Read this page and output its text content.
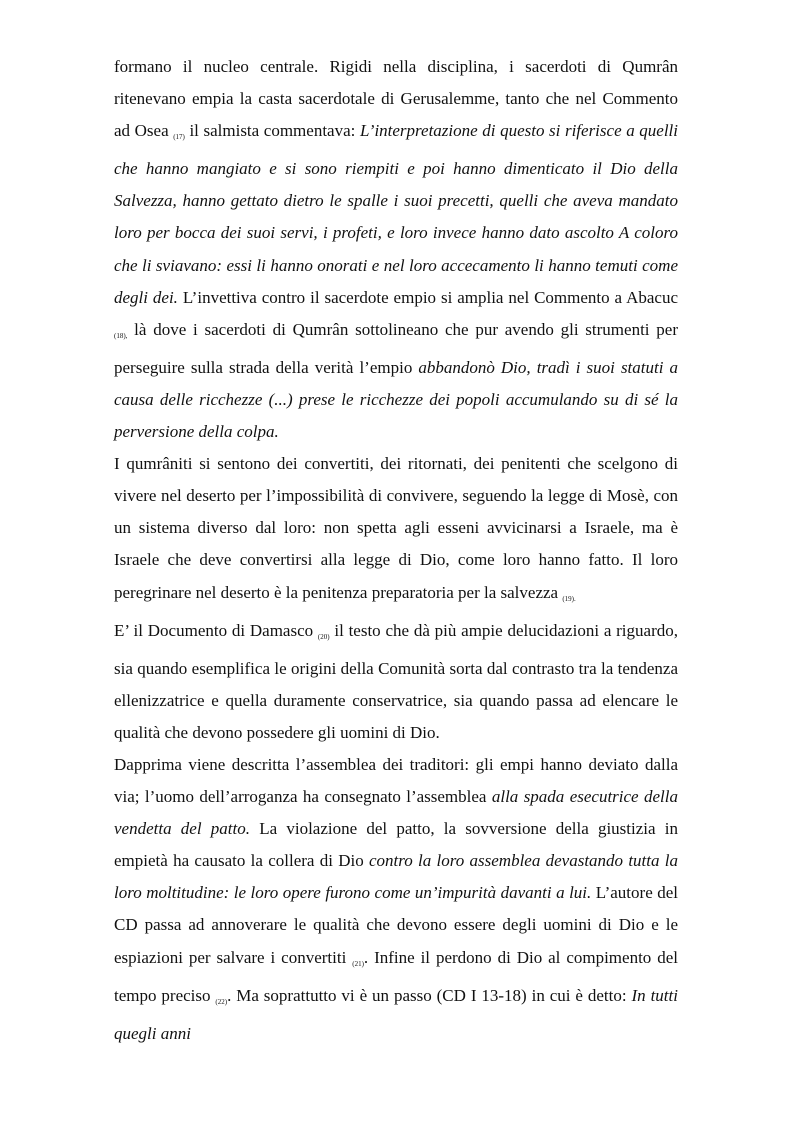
formano il nucleo centrale. Rigidi nella disciplina, i sacerdoti di Qumrân ritenevano empia la casta sacerdotale di Gerusalemme, tanto che nel Commento ad Osea (17) il salmista commentava: L’interpretazione di questo si riferisce a quelli che hanno mangiato e si sono riempiti e poi hanno dimenticato il Dio della Salvezza, hanno gettato dietro le spalle i suoi precetti, quelli che aveva mandato loro per bocca dei suoi servi, i profeti, e loro invece hanno dato ascolto A coloro che li sviavano: essi li hanno onorati e nel loro accecamento li hanno temuti come degli dei. L’invettiva contro il sacerdote empio si amplia nel Commento a Abacuc (18), là dove i sacerdoti di Qumrân sottolineano che pur avendo gli strumenti per perseguire sulla strada della verità l’empio abbandonò Dio, tradì i suoi statuti a causa delle ricchezze (...) prese le ricchezze dei popoli accumulando su di sé la perversione della colpa.

I qumrâniti si sentono dei convertiti, dei ritornati, dei penitenti che scelgono di vivere nel deserto per l’impossibilità di convivere, seguendo la legge di Mosè, con un sistema diverso dal loro: non spetta agli esseni avvicinarsi a Israele, ma è Israele che deve convertirsi alla legge di Dio, come loro hanno fatto. Il loro peregrinare nel deserto è la penitenza preparatoria per la salvezza (19).

E’ il Documento di Damasco (20) il testo che dà più ampie delucidazioni a riguardo, sia quando esemplifica le origini della Comunità sorta dal contrasto tra la tendenza ellenizzatrice e quella duramente conservatrice, sia quando passa ad elencare le qualità che devono possedere gli uomini di Dio.

Dapprima viene descritta l’assemblea dei traditori: gli empi hanno deviato dalla via; l’uomo dell’arroganza ha consegnato l’assemblea alla spada esecutrice della vendetta del patto. La violazione del patto, la sovversione della giustizia in empietà ha causato la collera di Dio contro la loro assemblea devastando tutta la loro moltitudine: le loro opere furono come un’impurità davanti a lui. L’autore del CD passa ad annoverare le qualità che devono essere degli uomini di Dio e le espiazioni per salvare i convertiti (21). Infine il perdono di Dio al compimento del tempo preciso (22). Ma soprattutto vi è un passo (CD I 13-18) in cui è detto: In tutti quegli anni
